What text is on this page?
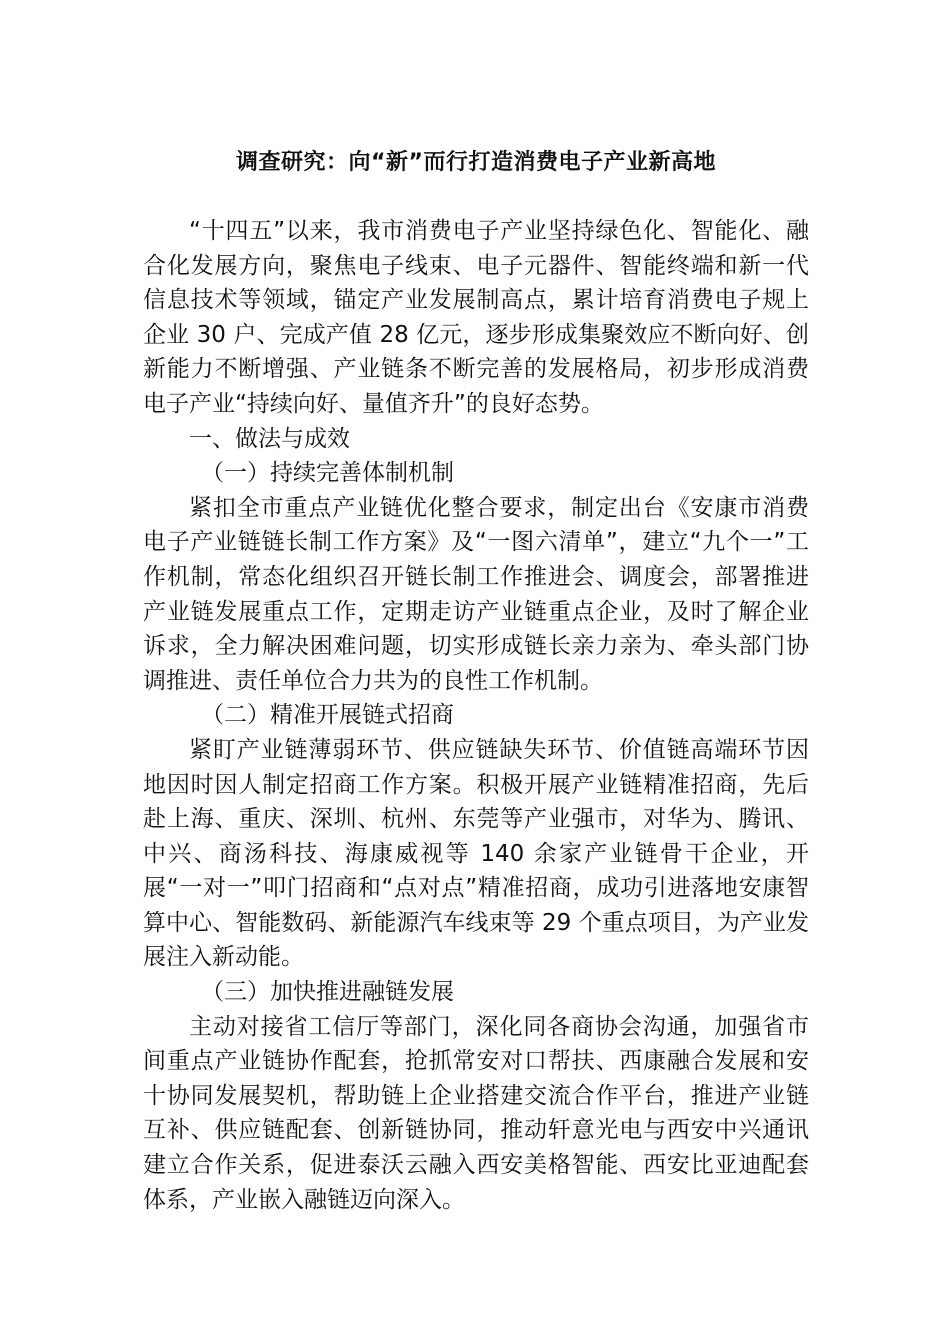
调查研究：向“新”而行打造消费电子产业新高地

“十四五”以来，我市消费电子产业坚持绿色化、智能化、融合化发展方向，聚焦电子线束、电子元器件、智能终端和新一代信息技术等领域，锚定产业发展制高点，累计培育消费电子规上企业 30 户、完成产值 28 亿元，逐步形成集聚效应不断向好、创新能力不断增强、产业链条不断完善的发展格局，初步形成消费电子产业“持续向好、量值齐升”的良好态势。

一、做法与成效

（一）持续完善体制机制

紧扣全市重点产业链优化整合要求，制定出台《安康市消费电子产业链链长制工作方案》及“一图六清单”，建立“九个一”工作机制，常态化组织召开链长制工作推进会、调度会，部署推进产业链发展重点工作，定期走访产业链重点企业，及时了解企业诉求，全力解决困难问题，切实形成链长亲力亲为、牵头部门协调推进、责任单位合力共为的良性工作机制。

（二）精准开展链式招商

紧盯产业链薄弱环节、供应链缺失环节、价值链高端环节因地因时因人制定招商工作方案。积极开展产业链精准招商，先后赴上海、重庆、深圳、杭州、东莞等产业强市，对华为、腾讯、中兴、商汤科技、海康威视等 140 余家产业链骨干企业，开展“一对一”叩门招商和“点对点”精准招商，成功引进落地安康智算中心、智能数码、新能源汽车线束等 29 个重点项目，为产业发展注入新动能。

（三）加快推进融链发展

主动对接省工信厅等部门，深化同各商协会沟通，加强省市间重点产业链协作配套，抢抓常安对口帮扶、西康融合发展和安十协同发展契机，帮助链上企业搭建交流合作平台，推进产业链互补、供应链配套、创新链协同，推动轩意光电与西安中兴通讯建立合作关系，促进泰沃云融入西安美格智能、西安比亚迪配套体系，产业嵌入融链迈向深入。
